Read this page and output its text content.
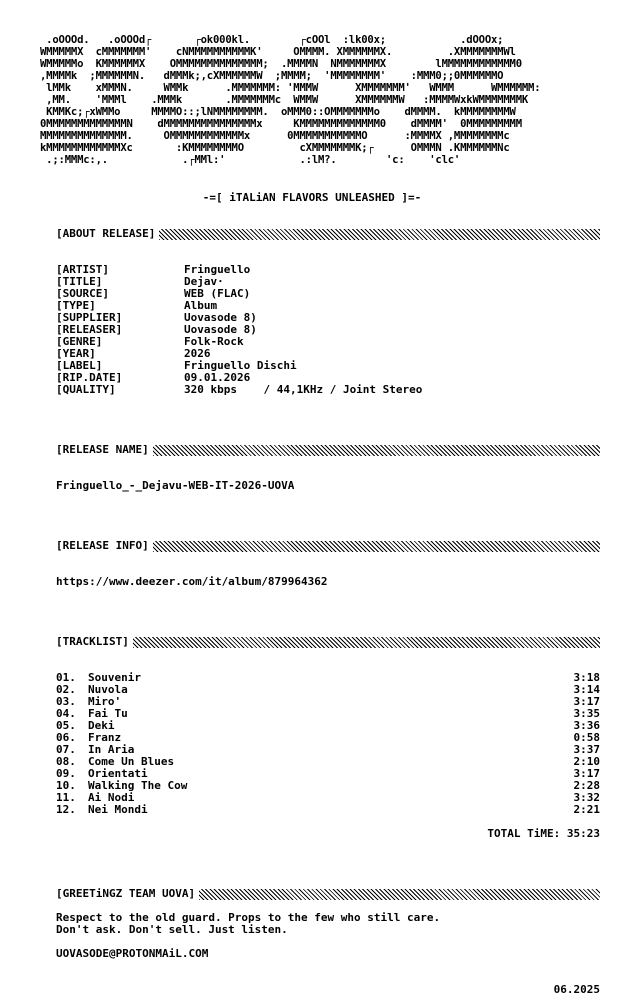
.oOOOd.   .oOOOd┌       ┌ok000kl.        ┌cOOl  :lk00x;            .dOOOx;
WMMMMMX  cMMMMMMM'    cNMMMMMMMMMMK'     OMMMM. XMMMMMMX.         .XMMMMMMMWl
WMMMMMo  KMMMMMMX    OMMMMMMMMMMMMMM;  .MMMMN  NMMMMMMMX        lMMMMMMMMMMMM0
,MMMMk  ;MMMMMMN.   dMMMk;,cXMMMMMMW  ;MMMM;  'MMMMMMMM'    :MMM0;;0MMMMMMO
lMMk    xMMMN.     WMMk      .MMMMMMM: 'MMMW      XMMMMMMM'   WMMM      WMMMMMM:
,MM.    'MMMl    .MMMk       .MMMMMMMc  WMMW      XMMMMMMW   :MMMMWxkWMMMMMMMK
KMMKc;┌xWMMo     MMMMO::;lNMMMMMMMM.  oMMM0::OMMMMMMMo    dMMMM.  kMMMMMMMMW
0MMMMMMMMMMMMMN    dMMMMMMMMMMMMMMMx     KMMMMMMMMMMMMM0    dMMMM'  0MMMMMMMMM
MMMMMMMMMMMMMM.     OMMMMMMMMMMMMx      0MMMMMMMMMMMO      :MMMMX ,MMMMMMMMc
kMMMMMMMMMMMMXc       :KMMMMMMMMO         cXMMMMMMMK;┌      OMMMN .KMMMMMMNc
.;:MMMc:,.            .┌MMl:'            .:lM?.        'c:    'clc'
-=[ iTALiAN FLAVORS UNLEASHED ]=-
[ABOUT RELEASE]
[ARTIST]	Fringuello
[TITLE]	Dejav·
[SOURCE]	WEB (FLAC)
[TYPE]	Album
[SUPPLIER]	Uovasode 8)
[RELEASER]	Uovasode 8)
[GENRE]	Folk-Rock
[YEAR]	2026
[LABEL]	Fringuello Dischi
[RIP.DATE]	09.01.2026
[QUALITY]	320 kbps    / 44,1KHz / Joint Stereo
[RELEASE NAME]
Fringuello_-_Dejavu-WEB-IT-2026-UOVA
[RELEASE INFO]
https://www.deezer.com/it/album/879964362
[TRACKLIST]
01.	Souvenir	3:18
02.	Nuvola	3:14
03.	Miro'	3:17
04.	Fai Tu	3:35
05.	Deki	3:36
06.	Franz	0:58
07.	In Aria	3:37
08.	Come Un Blues	2:10
09.	Orientati	3:17
10.	Walking The Cow	2:28
11.	Ai Nodi	3:32
12.	Nei Mondi	2:21
TOTAL TiME: 35:23
[GREETiNGZ TEAM UOVA]
Respect to the old guard. Props to the few who still care.
Don't ask. Don't sell. Just listen.
UOVASODE@PROTONMAiL.COM
06.2025
